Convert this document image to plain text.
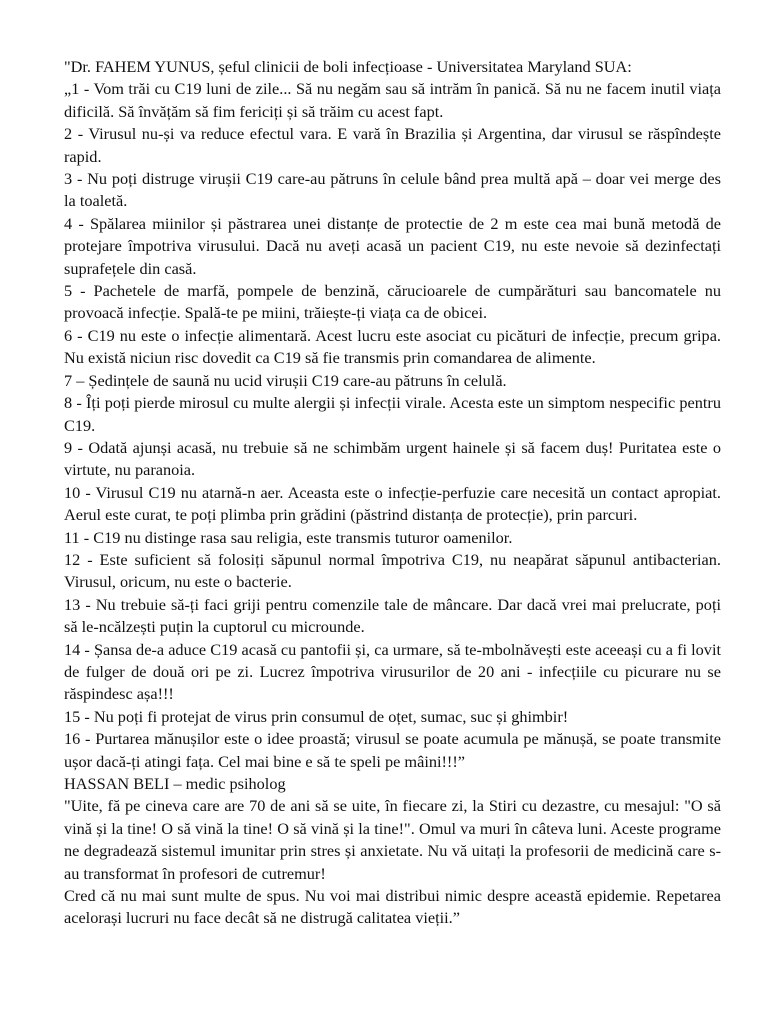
"Dr. FAHEM YUNUS, șeful clinicii de boli infecțioase - Universitatea Maryland SUA:

„1 - Vom trăi cu C19 luni de zile... Să nu negăm sau să intrăm în panică. Să nu ne facem inutil viața dificilă. Să învățăm să fim fericiți și să trăim cu acest fapt.

2 - Virusul nu-și va reduce efectul vara. E vară în Brazilia și Argentina, dar virusul se răspîndește rapid.

3 - Nu poți distruge virușii C19 care-au pătruns în celule bând prea multă apă – doar vei merge des la toaletă.

4 - Spălarea miinilor și păstrarea unei distanțe de protectie de 2 m este cea mai bună metodă de protejare împotriva virusului. Dacă nu aveți acasă un pacient C19, nu este nevoie să dezinfectați suprafețele din casă.

5 - Pachetele de marfă, pompele de benzină, cărucioarele de cumpărături sau bancomatele nu provoacă infecție. Spală-te pe miini, trăiește-ți viața ca de obicei.

6 - C19 nu este o infecție alimentară. Acest lucru este asociat cu picături de infecție, precum gripa. Nu există niciun risc dovedit ca C19 să fie transmis prin comandarea de alimente.

7 – Ședințele de saună nu ucid virușii C19 care-au pătruns în celulă.

8 - Îți poți pierde mirosul cu multe alergii și infecții virale. Acesta este un simptom nespecific pentru C19.

9 - Odată ajunși acasă, nu trebuie să ne schimbăm urgent hainele și să facem duș! Puritatea este o virtute, nu paranoia.

10 - Virusul C19 nu atarnă-n aer. Aceasta este o infecție-perfuzie care necesită un contact apropiat. Aerul este curat, te poți plimba prin grădini (păstrind distanța de protecție), prin parcuri.

11 - C19 nu distinge rasa sau religia, este transmis tuturor oamenilor.

12 - Este suficient să folosiți săpunul normal împotriva C19, nu neapărat săpunul antibacterian. Virusul, oricum, nu este o bacterie.

13 - Nu trebuie să-ți faci griji pentru comenzile tale de mâncare. Dar dacă vrei mai prelucrate, poți să le-ncălzești puțin la cuptorul cu microunde.

14 - Șansa de-a aduce C19 acasă cu pantofii și, ca urmare, să te-mbolnăvești este aceeași cu a fi lovit de fulger de două ori pe zi. Lucrez împotriva virusurilor de 20 ani - infecțiile cu picurare nu se răspindesc așa!!!

15 - Nu poți fi protejat de virus prin consumul de oțet, sumac, suc și ghimbir!

16 - Purtarea mănușilor este o idee proastă; virusul se poate acumula pe mănușă, se poate transmite ușor dacă-ți atingi fața. Cel mai bine e să te speli pe mâini!!!”

HASSAN BELI – medic psiholog

"Uite, fă pe cineva care are 70 de ani să se uite, în fiecare zi, la Stiri cu dezastre, cu mesajul: "O să vină și la tine! O să vină la tine! O să vină și la tine!". Omul va muri în câteva luni. Aceste programe ne degradează sistemul imunitar prin stres și anxietate. Nu vă uitați la profesorii de medicină care s-au transformat în profesori de cutremur!

Cred că nu mai sunt multe de spus. Nu voi mai distribui nimic despre această epidemie. Repetarea acelorași lucruri nu face decât să ne distrugă calitatea vieții.”
